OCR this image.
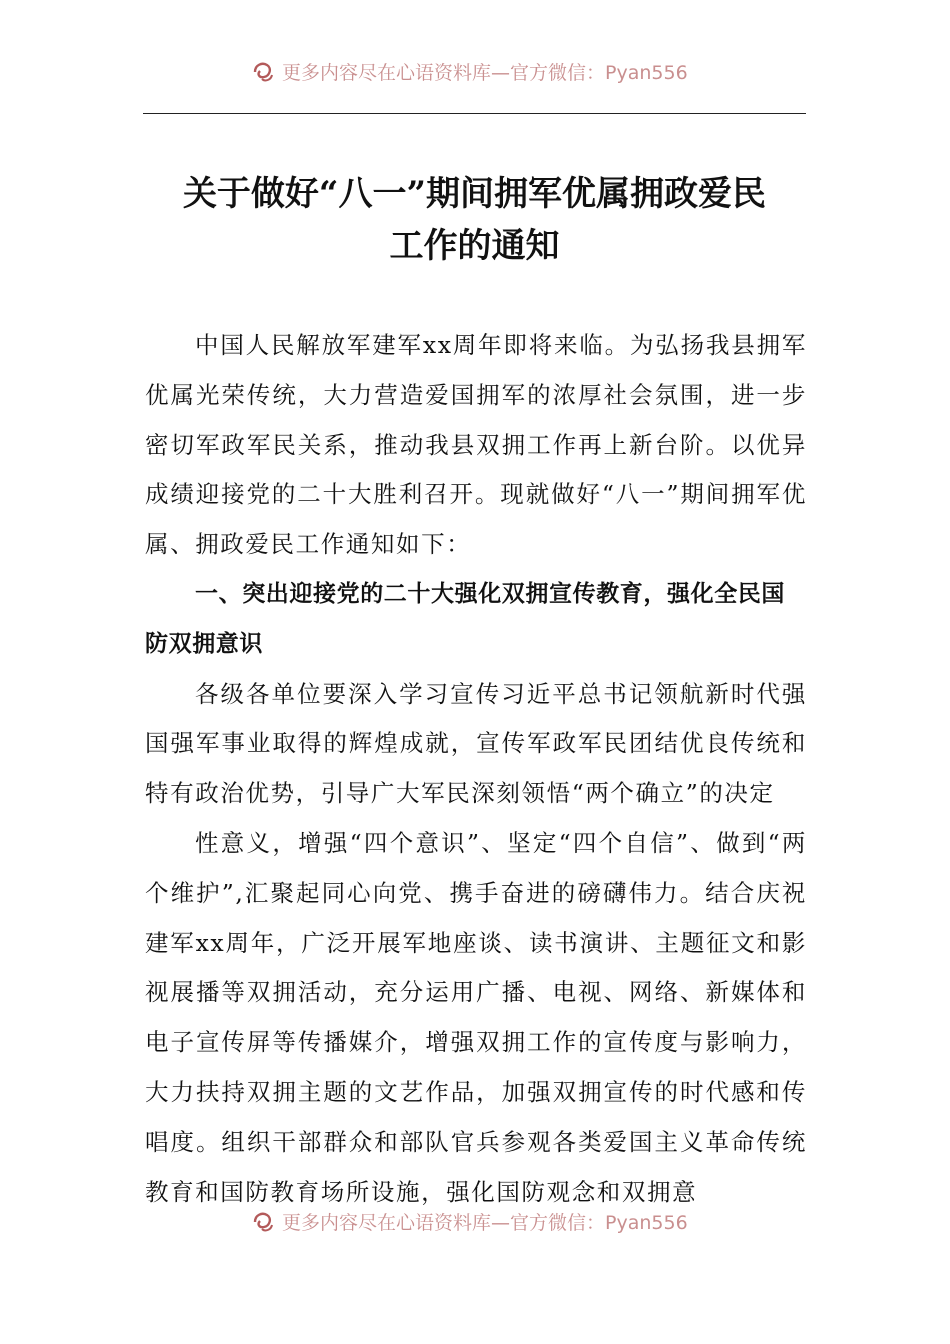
更多内容尽在心语资料库—官方微信：Pyan556
关于做好“八一”期间拥军优属拥政爱民
工作的通知

中国人民解放军建军xx周年即将来临。为弘扬我县拥军优属光荣传统，大力营造爱国拥军的浓厚社会氛围，进一步密切军政军民关系，推动我县双拥工作再上新台阶。以优异成绩迎接党的二十大胜利召开。现就做好“八一”期间拥军优属、拥政爱民工作通知如下：

一、突出迎接党的二十大强化双拥宣传教育，强化全民国防双拥意识

各级各单位要深入学习宣传习近平总书记领航新时代强国强军事业取得的辉煌成就，宣传军政军民团结优良传统和特有政治优势，引导广大军民深刻领悟“两个确立”的决定

性意义，增强“四个意识”、坚定“四个自信”、做到“两个维护”,汇聚起同心向党、携手奋进的磅礴伟力。结合庆祝建军xx周年，广泛开展军地座谈、读书演讲、主题征文和影视展播等双拥活动，充分运用广播、电视、网络、新媒体和电子宣传屏等传播媒介，增强双拥工作的宣传度与影响力，大力扶持双拥主题的文艺作品，加强双拥宣传的时代感和传唱度。组织干部群众和部队官兵参观各类爱国主义革命传统教育和国防教育场所设施，强化国防观念和双拥意

更多内容尽在心语资料库—官方微信：Pyan556
